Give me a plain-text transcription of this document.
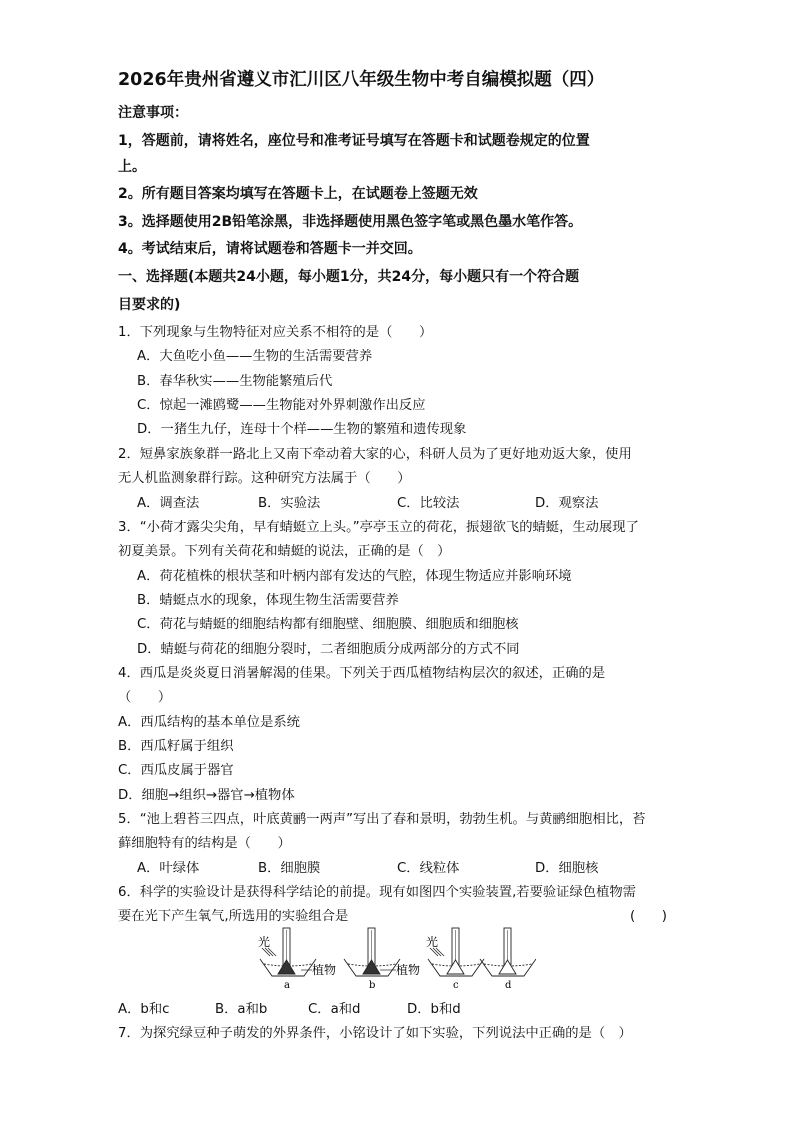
2026年贵州省遵义市汇川区八年级生物中考自编模拟题（四）
注意事项：
1，答题前，请将姓名，座位号和准考证号填写在答题卡和试题卷规定的位置
上。
2。所有题目答案均填写在答题卡上，在试题卷上签题无效
3。选择题使用2B铅笔涂黑，非选择题使用黑色签字笔或黑色墨水笔作答。
4。考试结束后，请将试题卷和答题卡一并交回。
一、选择题(本题共24小题，每小题1分，共24分，每小题只有一个符合题
目要求的)
1．下列现象与生物特征对应关系不相符的是（　　）
A．大鱼吃小鱼——生物的生活需要营养
B．春华秋实——生物能繁殖后代
C．惊起一滩鸥鹭——生物能对外界刺激作出反应
D．一猪生九仔，连母十个样——生物的繁殖和遗传现象
2．短鼻家族象群一路北上又南下牵动着大家的心，科研人员为了更好地劝返大象，使用
无人机监测象群行踪。这种研究方法属于（　　）
A．调查法	B．实验法	C．比较法	D．观察法
3．“小荷才露尖尖角，早有蜻蜓立上头。”亭亭玉立的荷花，振翅欲飞的蜻蜓，生动展现了
初夏美景。下列有关荷花和蜻蜓的说法，正确的是（　）
A．荷花植株的根状茎和叶柄内部有发达的气腔，体现生物适应并影响环境
B．蜻蜓点水的现象，体现生物生活需要营养
C．荷花与蜻蜓的细胞结构都有细胞壁、细胞膜、细胞质和细胞核
D．蜻蜓与荷花的细胞分裂时，二者细胞质分成两部分的方式不同
4．西瓜是炎炎夏日消暑解渴的佳果。下列关于西瓜植物结构层次的叙述，正确的是
（　　）
A．西瓜结构的基本单位是系统
B．西瓜籽属于组织
C．西瓜皮属于器官
D．细胞→组织→器官→植物体
5．“池上碧苔三四点，叶底黄鹂一两声”写出了春和景明，勃勃生机。与黄鹂细胞相比，苔
藓细胞特有的结构是（　　）
A．叶绿体	B．细胞膜	C．线粒体	D．细胞核
6．科学的实验设计是获得科学结论的前提。现有如图四个实验装置,若要验证绿色植物需
要在光下产生氧气,所选用的实验组合是	(　　)
光	光
植物	植物
a	b	c	d
A．b和c	B．a和b	C．a和d	D．b和d
7．为探究绿豆种子萌发的外界条件，小铭设计了如下实验，下列说法中正确的是（　）
